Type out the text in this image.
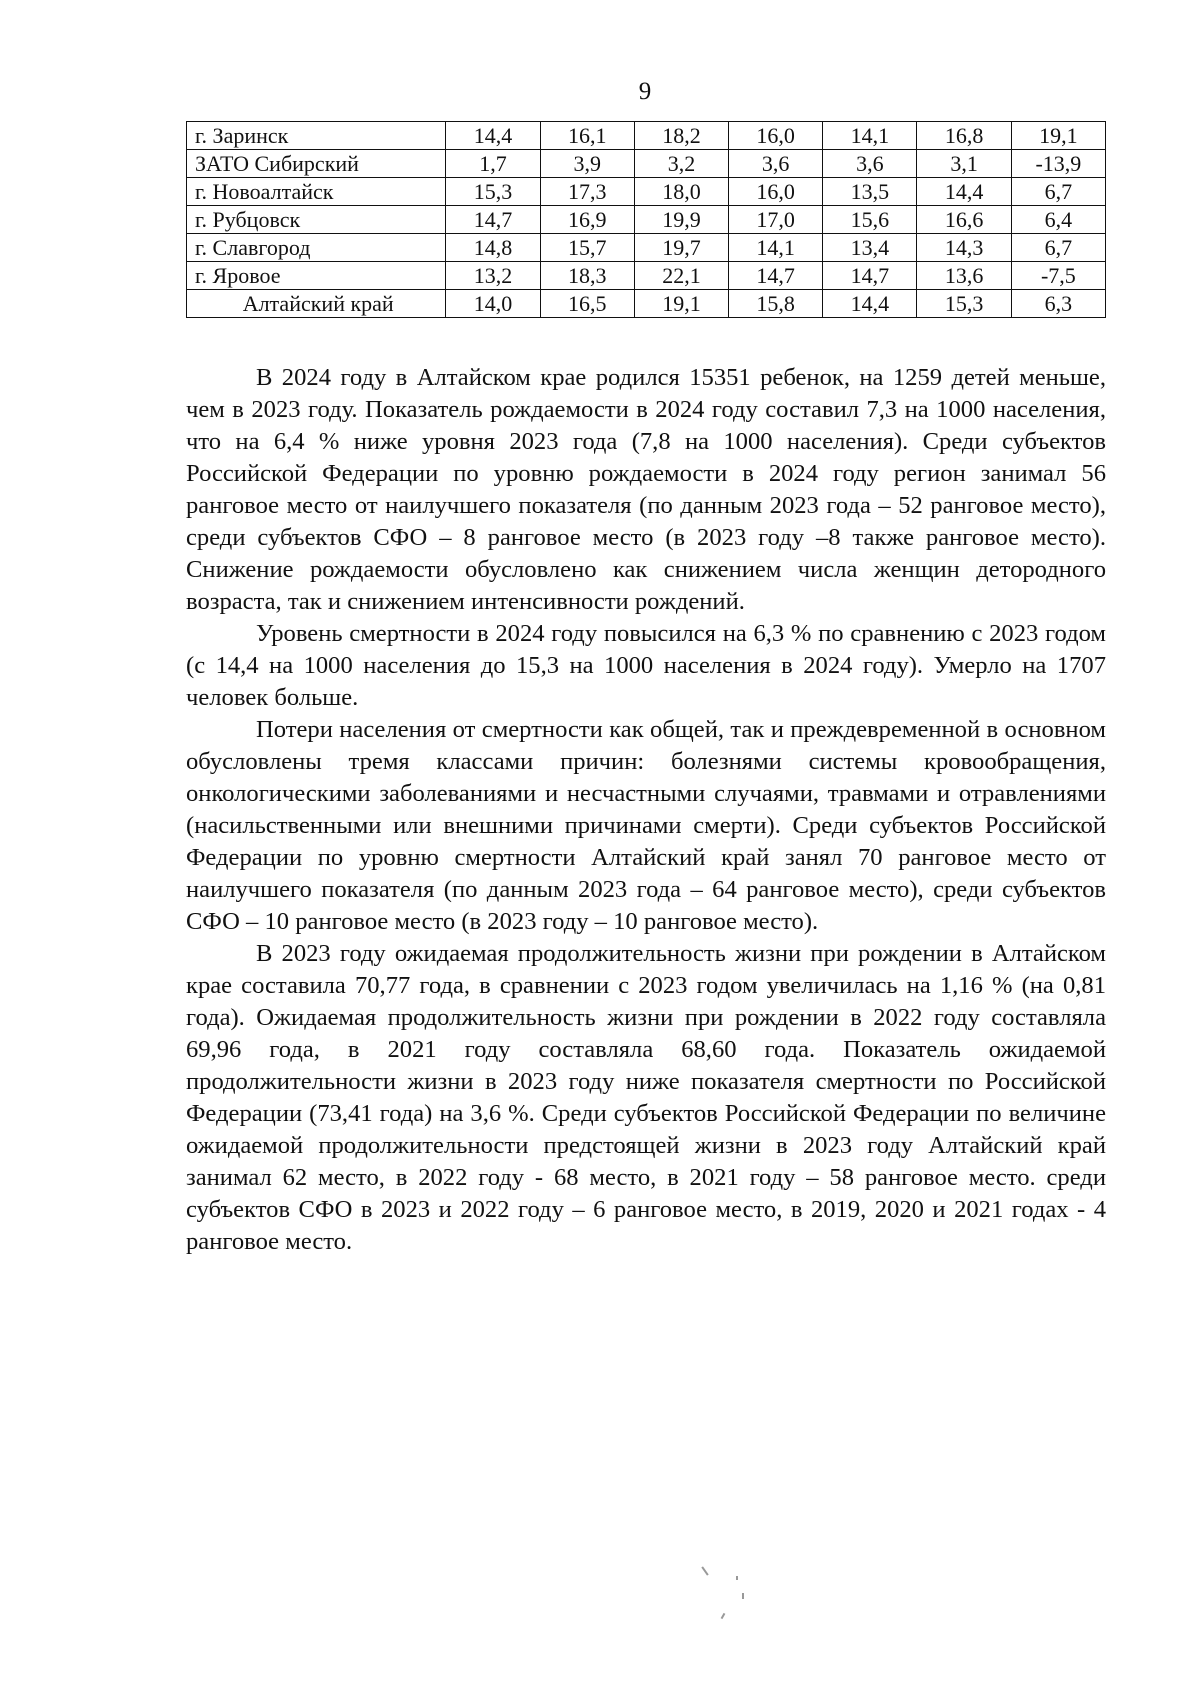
9
г. Заринск	14,4	16,1	18,2	16,0	14,1	16,8	19,1
ЗАТО Сибирский	1,7	3,9	3,2	3,6	3,6	3,1	-13,9
г. Новоалтайск	15,3	17,3	18,0	16,0	13,5	14,4	6,7
г. Рубцовск	14,7	16,9	19,9	17,0	15,6	16,6	6,4
г. Славгород	14,8	15,7	19,7	14,1	13,4	14,3	6,7
г. Яровое	13,2	18,3	22,1	14,7	14,7	13,6	-7,5
Алтайский край	14,0	16,5	19,1	15,8	14,4	15,3	6,3

В 2024 году в Алтайском крае родился 15351 ребенок, на 1259 детей меньше, чем в 2023 году. Показатель рождаемости в 2024 году составил 7,3 на 1000 населения, что на 6,4 % ниже уровня 2023 года (7,8 на 1000 населения). Среди субъектов Российской Федерации по уровню рождаемости в 2024 году регион занимал 56 ранговое место от наилучшего показателя (по данным 2023 года – 52 ранговое место), среди субъектов СФО – 8 ранговое место (в 2023 году –8 также ранговое место). Снижение рождаемости обусловлено как снижением числа женщин детородного возраста, так и снижением интенсивности рождений.

Уровень смертности в 2024 году повысился на 6,3 % по сравнению с 2023 годом (с 14,4 на 1000 населения до 15,3 на 1000 населения в 2024 году). Умерло на 1707 человек больше.

Потери населения от смертности как общей, так и преждевременной в основном обусловлены тремя классами причин: болезнями системы кровообращения, онкологическими заболеваниями и несчастными случаями, травмами и отравлениями (насильственными или внешними причинами смерти). Среди субъектов Российской Федерации по уровню смертности Алтайский край занял 70 ранговое место от наилучшего показателя (по данным 2023 года – 64 ранговое место), среди субъектов СФО – 10 ранговое место (в 2023 году – 10 ранговое место).

В 2023 году ожидаемая продолжительность жизни при рождении в Алтайском крае составила 70,77 года, в сравнении с 2023 годом увеличилась на 1,16 % (на 0,81 года). Ожидаемая продолжительность жизни при рождении в 2022 году составляла 69,96 года, в 2021 году составляла 68,60 года. Показатель ожидаемой продолжительности жизни в 2023 году ниже показателя смертности по Российской Федерации (73,41 года) на 3,6 %. Среди субъектов Российской Федерации по величине ожидаемой продолжительности предстоящей жизни в 2023 году Алтайский край занимал 62 место, в 2022 году - 68 место, в 2021 году – 58 ранговое место. среди субъектов СФО в 2023 и 2022 году – 6 ранговое место, в 2019, 2020 и 2021 годах - 4 ранговое место.
